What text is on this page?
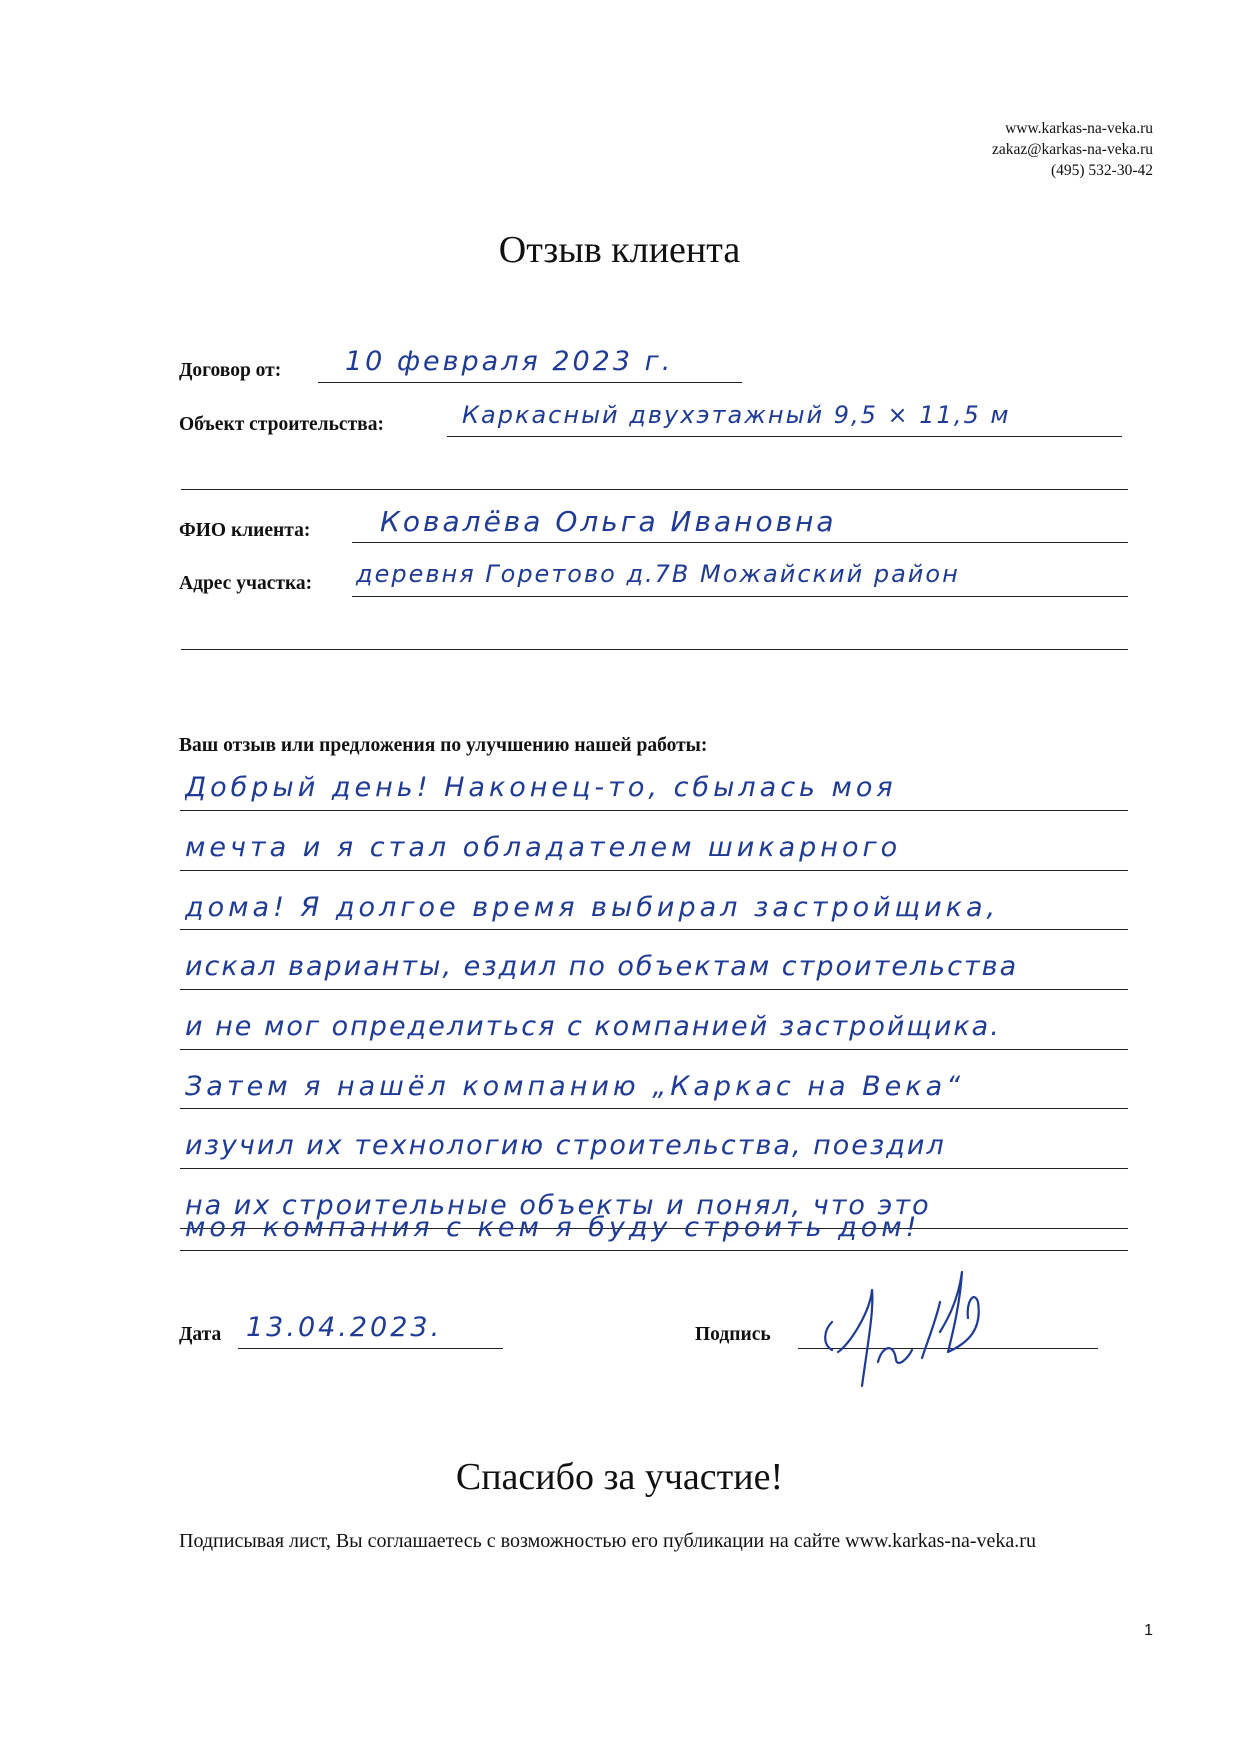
www.karkas-na-veka.ru
zakaz@karkas-na-veka.ru
(495) 532-30-42
Отзыв клиента
Договор от: 10 февраля 2023 г.
Объект строительства:	Каркасный двухэтажный 9,5 × 11,5 м
ФИО клиента: Ковалёва Ольга Ивановна
Адрес участка: деревня Горетово д.7В Можайский район
Ваш отзыв или предложения по улучшению нашей работы:
Добрый день! Наконец-то, сбылась моя
мечта и я стал обладателем шикарного
дома! Я долгое время выбирал застройщика,
искал варианты, ездил по объектам строительства
и не мог определиться с компанией застройщика.
Затем я нашёл компанию „Каркас на Века“
изучил их технологию строительства, поездил
на их строительные объекты и понял, что это
моя компания с кем я буду строить дом!
Дата 13.04.2023.	Подпись
Спасибо за участие!
Подписывая лист, Вы соглашаетесь с возможностью его публикации на сайте www.karkas-na-veka.ru
1
